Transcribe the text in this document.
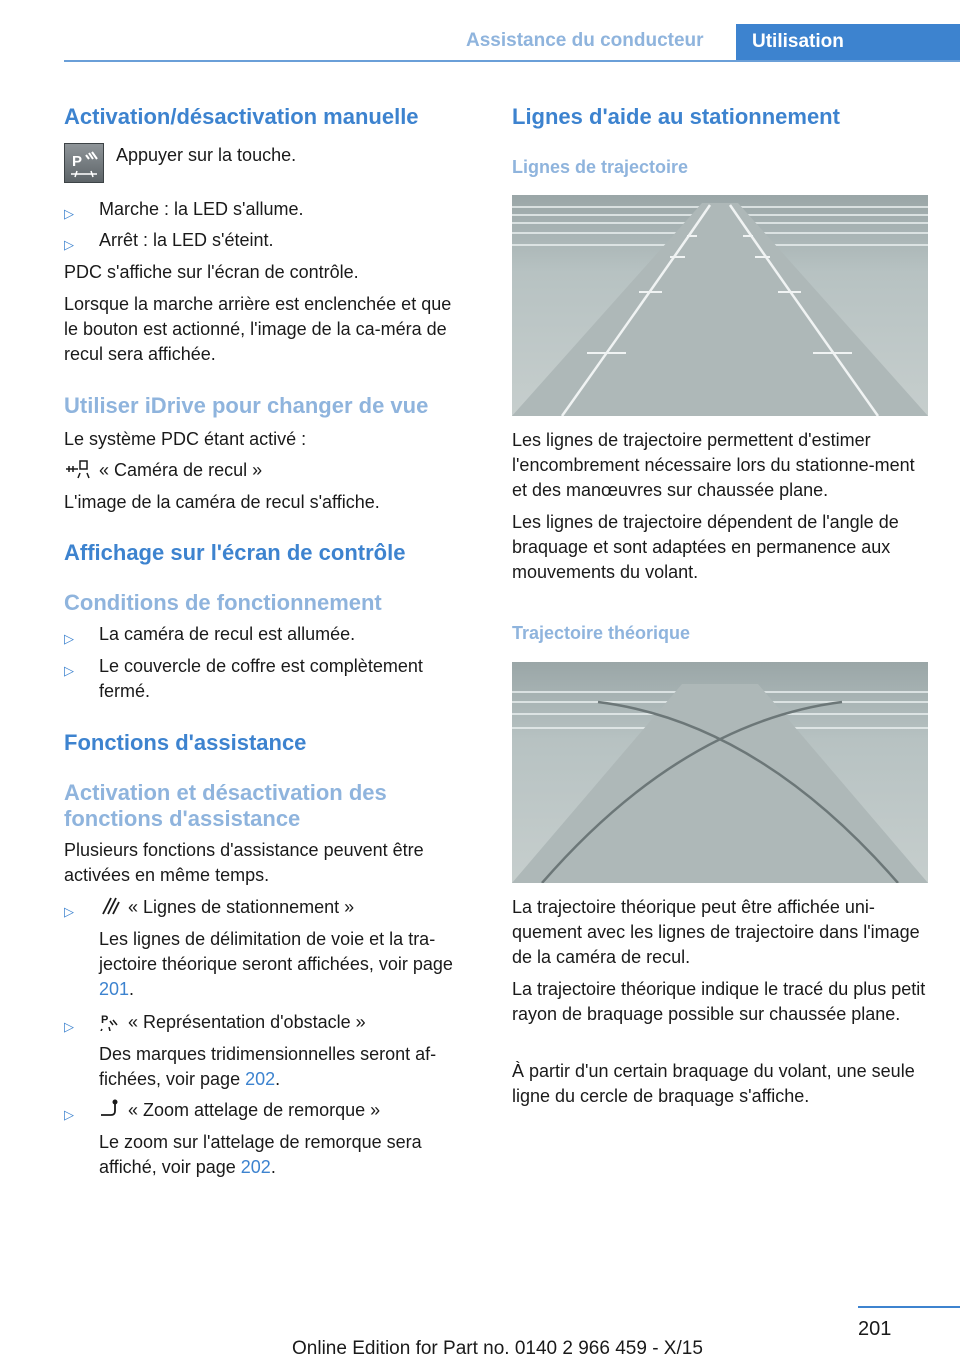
Assistance du conducteur	Utilisation
Activation/désactivation manuelle
P Appuyer sur la touche.

▷ Marche : la LED s'allume.
▷ Arrêt : la LED s'éteint.

PDC s'affiche sur l'écran de contrôle.

Lorsque la marche arrière est enclenchée et que le bouton est actionné, l'image de la ca-méra de recul sera affichée.

Utiliser iDrive pour changer de vue

Le système PDC étant activé :

« Caméra de recul »

L'image de la caméra de recul s'affiche.

Affichage sur l'écran de contrôle
Conditions de fonctionnement
▷ La caméra de recul est allumée.
▷ Le couvercle de coffre est complètement fermé.
Fonctions d'assistance
Activation et désactivation des fonctions d'assistance

Plusieurs fonctions d'assistance peuvent être activées en même temps.

▷	« Lignes de stationnement »
Les lignes de délimitation de voie et la tra-jectoire théorique seront affichées, voir page 201.
▷ P « Représentation d'obstacle »
Des marques tridimensionnelles seront af-fichées, voir page 202.
▷	« Zoom attelage de remorque »
Le zoom sur l'attelage de remorque sera affiché, voir page 202.
Lignes d'aide au stationnement
Lignes de trajectoire

Les lignes de trajectoire permettent d'estimer l'encombrement nécessaire lors du stationne-ment et des manœuvres sur chaussée plane.

Les lignes de trajectoire dépendent de l'angle de braquage et sont adaptées en permanence aux mouvements du volant.

Trajectoire théorique

La trajectoire théorique peut être affichée uni-quement avec les lignes de trajectoire dans l'image de la caméra de recul.

La trajectoire théorique indique le tracé du plus petit rayon de braquage possible sur chaussée plane.

À partir d'un certain braquage du volant, une seule ligne du cercle de braquage s'affiche.

201
Online Edition for Part no. 0140 2 966 459 - X/15
